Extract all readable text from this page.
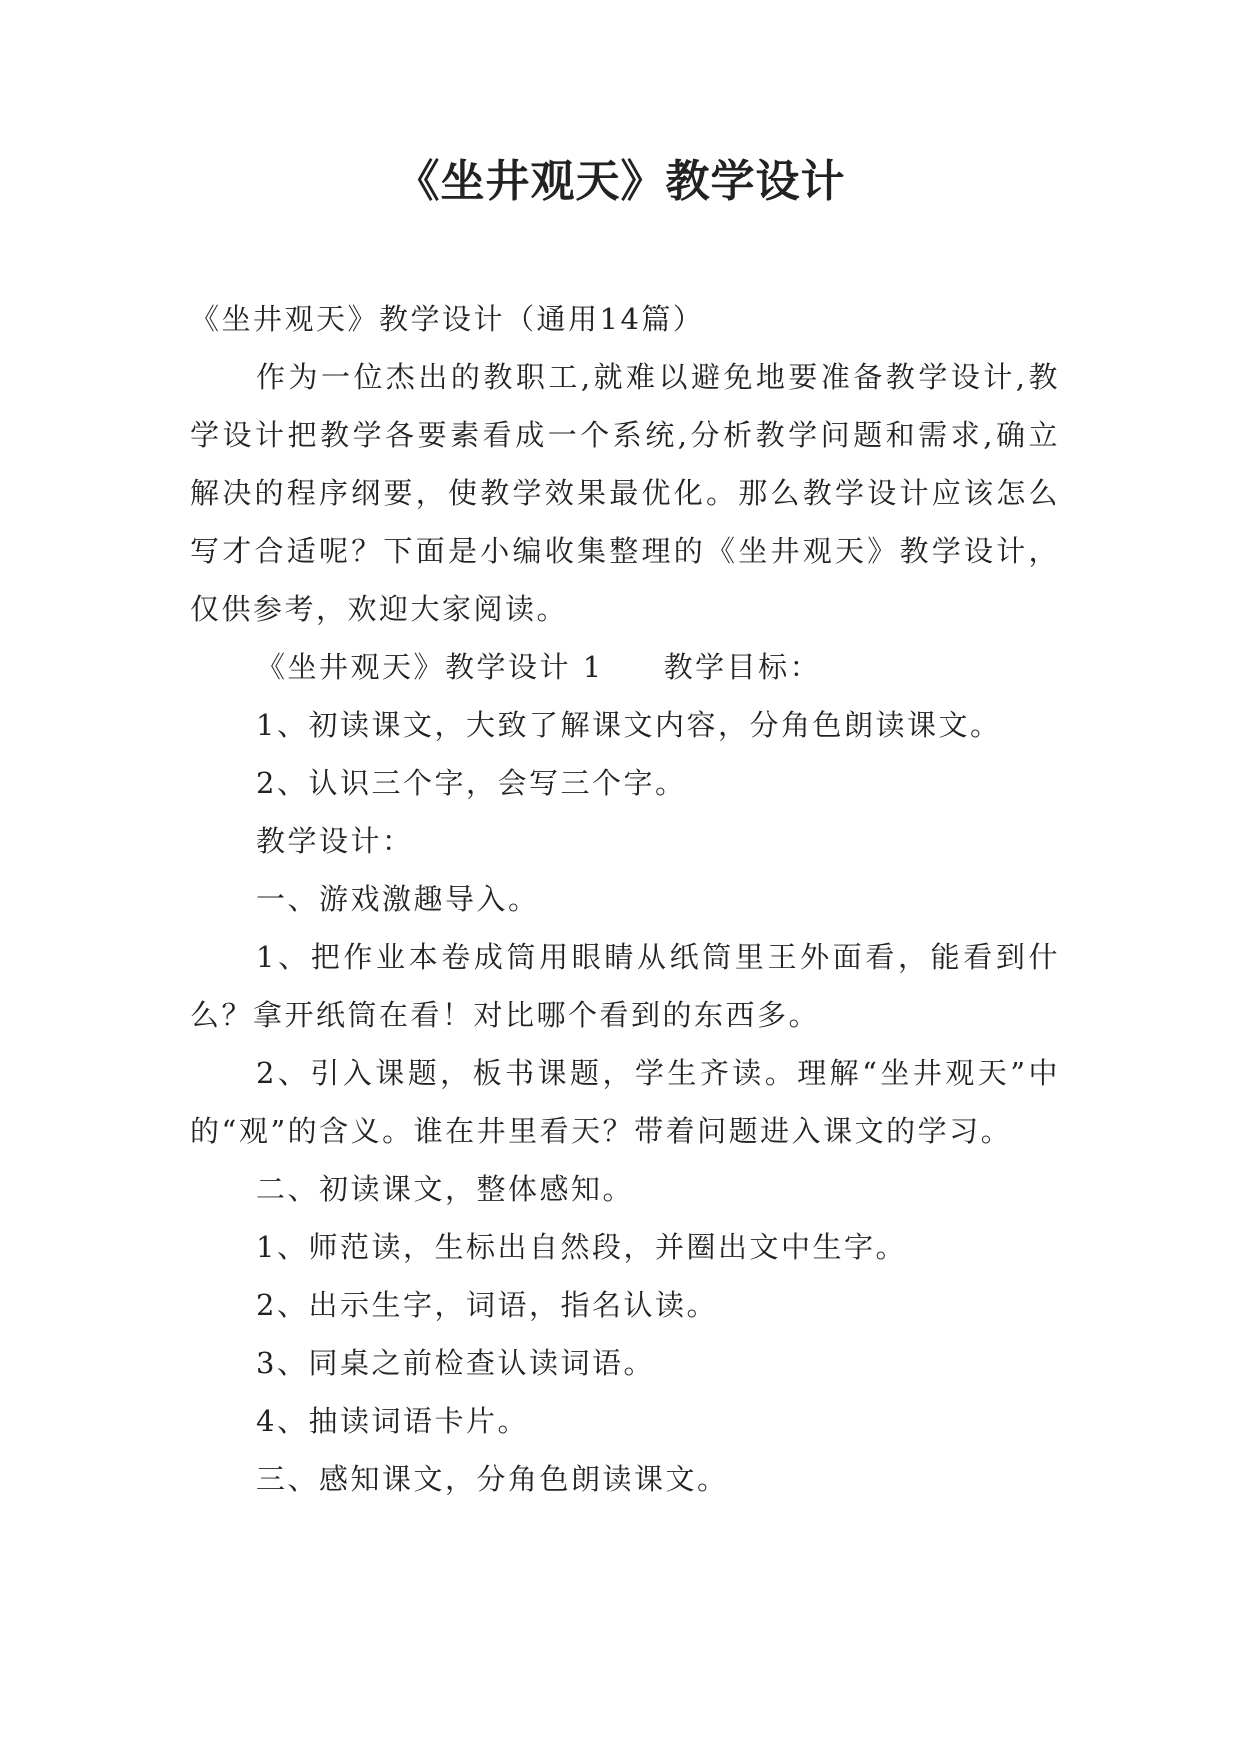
《坐井观天》教学设计

《坐井观天》教学设计（通用14篇）

作为一位杰出的教职工,就难以避免地要准备教学设计,教学设计把教学各要素看成一个系统,分析教学问题和需求,确立解决的程序纲要，使教学效果最优化。那么教学设计应该怎么写才合适呢？下面是小编收集整理的《坐井观天》教学设计，仅供参考，欢迎大家阅读。

《坐井观天》教学设计 1 教学目标：

1、初读课文，大致了解课文内容，分角色朗读课文。

2、认识三个字，会写三个字。

教学设计：

一、游戏激趣导入。

1、把作业本卷成筒用眼睛从纸筒里王外面看，能看到什么？拿开纸筒在看！对比哪个看到的东西多。

2、引入课题，板书课题，学生齐读。理解“坐井观天”中的“观”的含义。谁在井里看天？带着问题进入课文的学习。

二、初读课文，整体感知。

1、师范读，生标出自然段，并圈出文中生字。

2、出示生字，词语，指名认读。

3、同桌之前检查认读词语。

4、抽读词语卡片。

三、感知课文，分角色朗读课文。
